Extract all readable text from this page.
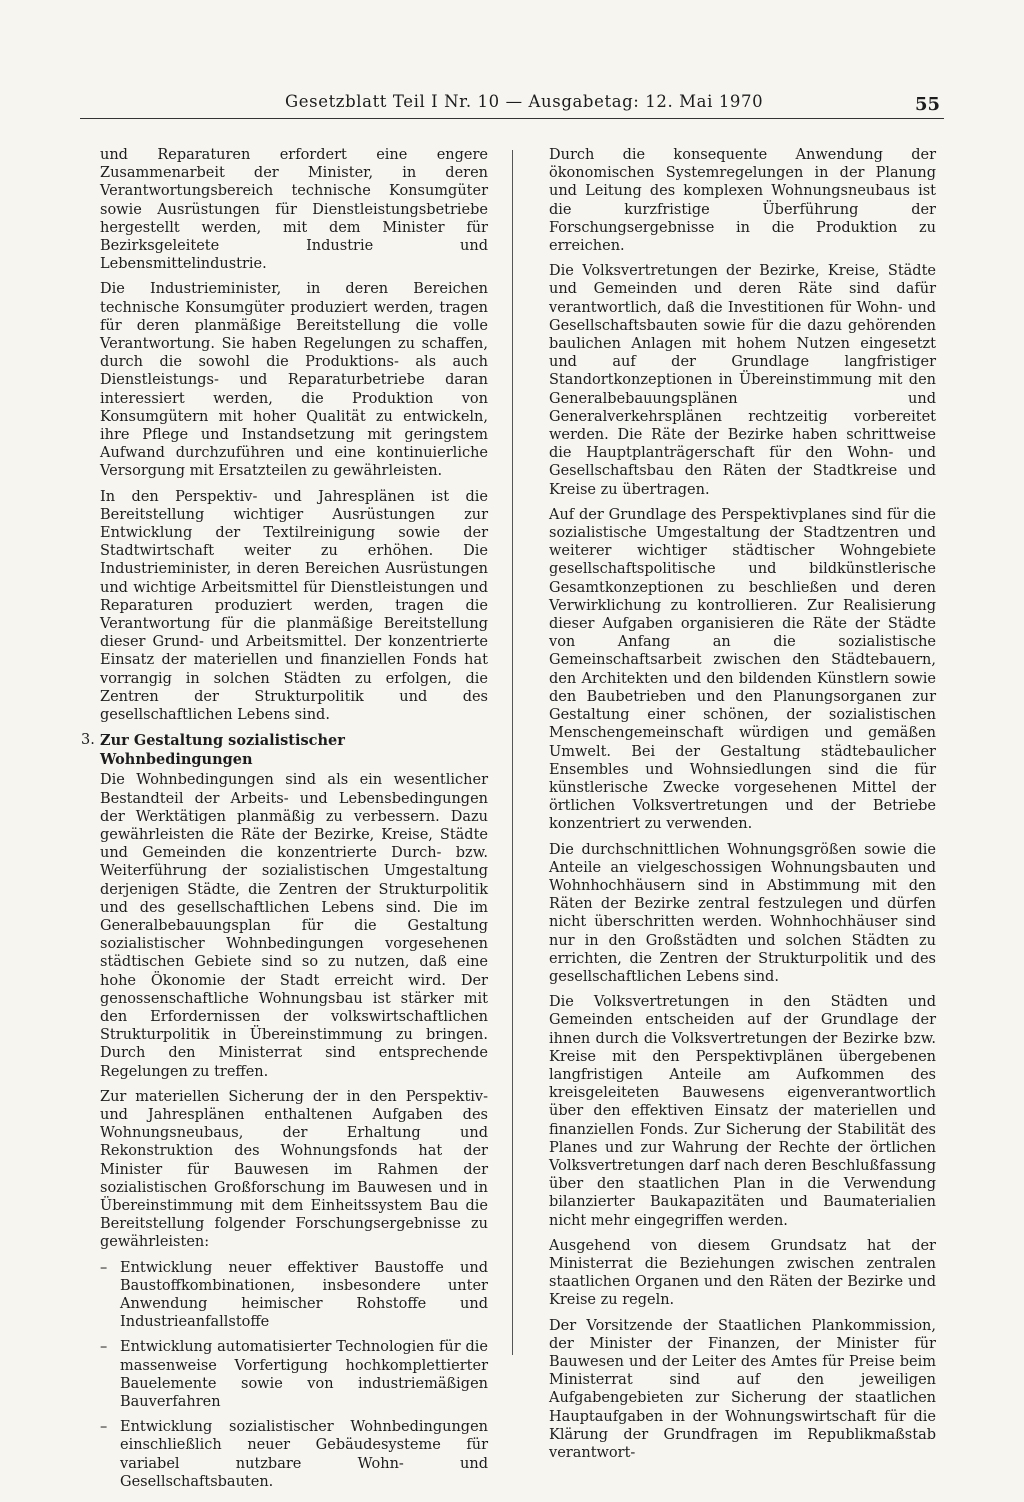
Gesetzblatt Teil I Nr. 10 — Ausgabetag: 12. Mai 1970	55

und Reparaturen erfordert eine engere Zusammenarbeit der Minister, in deren Verantwortungsbereich technische Konsumgüter sowie Ausrüstungen für Dienstleistungsbetriebe hergestellt werden, mit dem Minister für Bezirksgeleitete Industrie und Lebensmittelindustrie.

Die Industrieminister, in deren Bereichen technische Konsumgüter produziert werden, tragen für deren planmäßige Bereitstellung die volle Verantwortung. Sie haben Regelungen zu schaffen, durch die sowohl die Produktions- als auch Dienstleistungs- und Reparaturbetriebe daran interessiert werden, die Produktion von Konsumgütern mit hoher Qualität zu entwickeln, ihre Pflege und Instandsetzung mit geringstem Aufwand durchzuführen und eine kontinuierliche Versorgung mit Ersatzteilen zu gewährleisten.

In den Perspektiv- und Jahresplänen ist die Bereitstellung wichtiger Ausrüstungen zur Entwicklung der Textilreinigung sowie der Stadtwirtschaft weiter zu erhöhen. Die Industrieminister, in deren Bereichen Ausrüstungen und wichtige Arbeitsmittel für Dienstleistungen und Reparaturen produziert werden, tragen die Verantwortung für die planmäßige Bereitstellung dieser Grund- und Arbeitsmittel. Der konzentrierte Einsatz der materiellen und finanziellen Fonds hat vorrangig in solchen Städten zu erfolgen, die Zentren der Strukturpolitik und des gesellschaftlichen Lebens sind.

3. Zur Gestaltung sozialistischer Wohnbedingungen

Die Wohnbedingungen sind als ein wesentlicher Bestandteil der Arbeits- und Lebensbedingungen der Werktätigen planmäßig zu verbessern. Dazu gewährleisten die Räte der Bezirke, Kreise, Städte und Gemeinden die konzentrierte Durch- bzw. Weiterführung der sozialistischen Umgestaltung derjenigen Städte, die Zentren der Strukturpolitik und des gesellschaftlichen Lebens sind. Die im Generalbebauungsplan für die Gestaltung sozialistischer Wohnbedingungen vorgesehenen städtischen Gebiete sind so zu nutzen, daß eine hohe Ökonomie der Stadt erreicht wird. Der genossenschaftliche Wohnungsbau ist stärker mit den Erfordernissen der volkswirtschaftlichen Strukturpolitik in Übereinstimmung zu bringen. Durch den Ministerrat sind entsprechende Regelungen zu treffen.

Zur materiellen Sicherung der in den Perspektiv- und Jahresplänen enthaltenen Aufgaben des Wohnungsneubaus, der Erhaltung und Rekonstruktion des Wohnungsfonds hat der Minister für Bauwesen im Rahmen der sozialistischen Großforschung im Bauwesen und in Übereinstimmung mit dem Einheitssystem Bau die Bereitstellung folgender Forschungsergebnisse zu gewährleisten:

– Entwicklung neuer effektiver Baustoffe und Baustoffkombinationen, insbesondere unter Anwendung heimischer Rohstoffe und Industrieanfallstoffe
– Entwicklung automatisierter Technologien für die massenweise Vorfertigung hochkomplettierter Bauelemente sowie von industriemäßigen Bauverfahren
– Entwicklung sozialistischer Wohnbedingungen einschließlich neuer Gebäudesysteme für variabel nutzbare Wohn- und Gesellschaftsbauten.

Durch die konsequente Anwendung der ökonomischen Systemregelungen in der Planung und Leitung des komplexen Wohnungsneubaus ist die kurzfristige Überführung der Forschungsergebnisse in die Produktion zu erreichen.

Die Volksvertretungen der Bezirke, Kreise, Städte und Gemeinden und deren Räte sind dafür verantwortlich, daß die Investitionen für Wohn- und Gesellschaftsbauten sowie für die dazu gehörenden baulichen Anlagen mit hohem Nutzen eingesetzt und auf der Grundlage langfristiger Standortkonzeptionen in Übereinstimmung mit den Generalbebauungsplänen und Generalverkehrsplänen rechtzeitig vorbereitet werden. Die Räte der Bezirke haben schrittweise die Hauptplanträgerschaft für den Wohn- und Gesellschaftsbau den Räten der Stadtkreise und Kreise zu übertragen.

Auf der Grundlage des Perspektivplanes sind für die sozialistische Umgestaltung der Stadtzentren und weiterer wichtiger städtischer Wohngebiete gesellschaftspolitische und bildkünstlerische Gesamtkonzeptionen zu beschließen und deren Verwirklichung zu kontrollieren. Zur Realisierung dieser Aufgaben organisieren die Räte der Städte von Anfang an die sozialistische Gemeinschaftsarbeit zwischen den Städtebauern, den Architekten und den bildenden Künstlern sowie den Baubetrieben und den Planungsorganen zur Gestaltung einer schönen, der sozialistischen Menschengemeinschaft würdigen und gemäßen Umwelt. Bei der Gestaltung städtebaulicher Ensembles und Wohnsiedlungen sind die für künstlerische Zwecke vorgesehenen Mittel der örtlichen Volksvertretungen und der Betriebe konzentriert zu verwenden.

Die durchschnittlichen Wohnungsgrößen sowie die Anteile an vielgeschossigen Wohnungsbauten und Wohnhochhäusern sind in Abstimmung mit den Räten der Bezirke zentral festzulegen und dürfen nicht überschritten werden. Wohnhochhäuser sind nur in den Großstädten und solchen Städten zu errichten, die Zentren der Strukturpolitik und des gesellschaftlichen Lebens sind.

Die Volksvertretungen in den Städten und Gemeinden entscheiden auf der Grundlage der ihnen durch die Volksvertretungen der Bezirke bzw. Kreise mit den Perspektivplänen übergebenen langfristigen Anteile am Aufkommen des kreisgeleiteten Bauwesens eigenverantwortlich über den effektiven Einsatz der materiellen und finanziellen Fonds. Zur Sicherung der Stabilität des Planes und zur Wahrung der Rechte der örtlichen Volksvertretungen darf nach deren Beschlußfassung über den staatlichen Plan in die Verwendung bilanzierter Baukapazitäten und Baumaterialien nicht mehr eingegriffen werden.

Ausgehend von diesem Grundsatz hat der Ministerrat die Beziehungen zwischen zentralen staatlichen Organen und den Räten der Bezirke und Kreise zu regeln.

Der Vorsitzende der Staatlichen Plankommission, der Minister der Finanzen, der Minister für Bauwesen und der Leiter des Amtes für Preise beim Ministerrat sind auf den jeweiligen Aufgabengebieten zur Sicherung der staatlichen Hauptaufgaben in der Wohnungswirtschaft für die Klärung der Grundfragen im Republikmaßstab verantwort-
